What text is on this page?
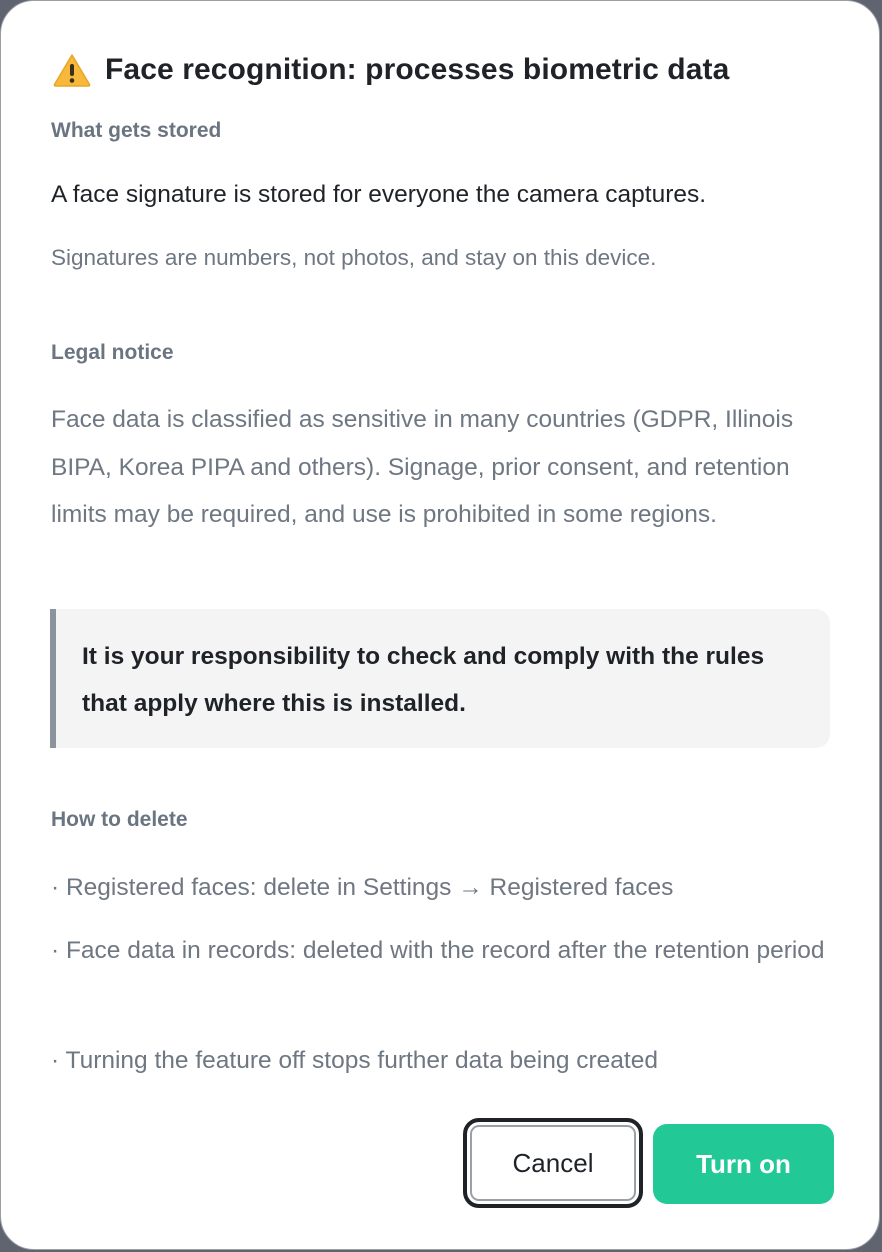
Face recognition: processes biometric data
What gets stored
A face signature is stored for everyone the camera captures.
Signatures are numbers, not photos, and stay on this device.
Legal notice

Face data is classified as sensitive in many countries (GDPR, Illinois BIPA, Korea PIPA and others). Signage, prior consent, and retention limits may be required, and use is prohibited in some regions.

It is your responsibility to check and comply with the rules that apply where this is installed.

How to delete
· Registered faces: delete in Settings → Registered faces
· Face data in records: deleted with the record after the retention period
· Turning the feature off stops further data being created
Cancel	Turn on
